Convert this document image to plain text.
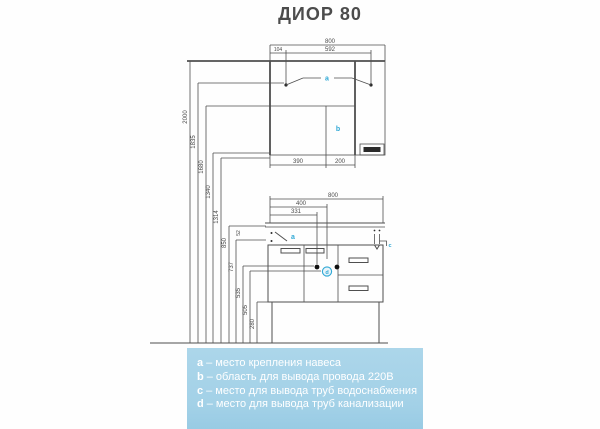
ДИОР 80
800
104	592
a
b
390	200
2000
1835
1680
1340
1314
850
737
535
505
280
52
800
400
331
a
c
d
a – место крепления навеса
b – область для вывода провода 220В
c – место для вывода труб водоснабжения
d – место для вывода труб канализации
